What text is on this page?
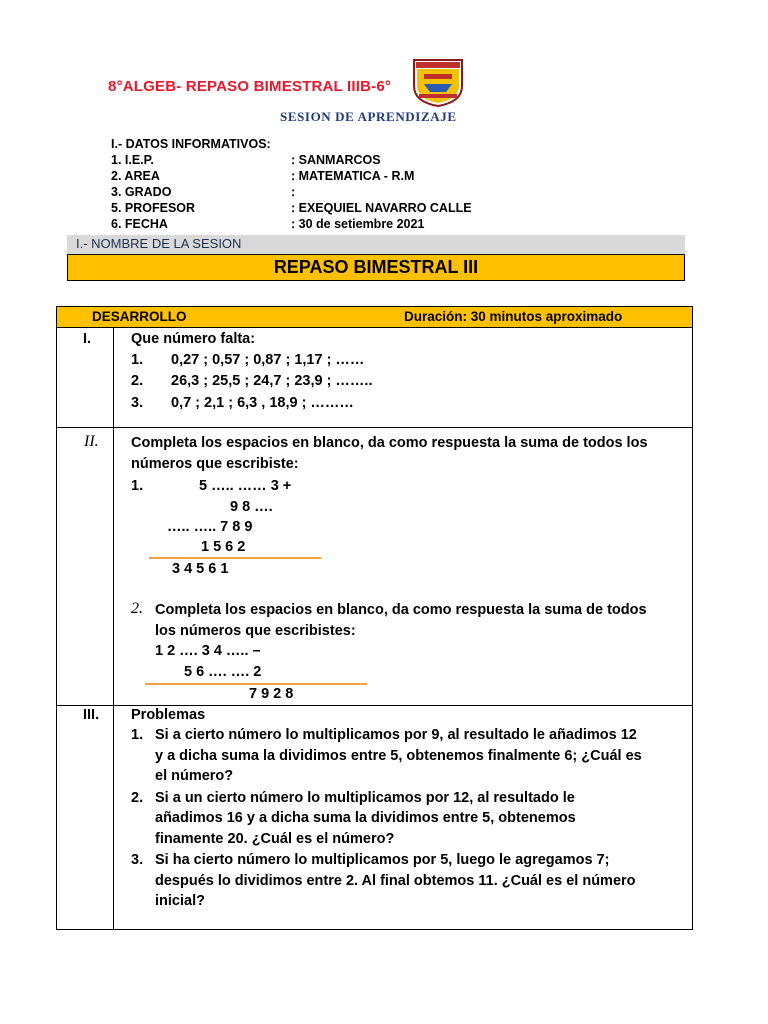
8°ALGEB- REPASO BIMESTRAL IIIB-6°
SESION DE APRENDIZAJE
I.- DATOS INFORMATIVOS:
1. I.E.P.	: SANMARCOS
2. AREA	: MATEMATICA - R.M
3. GRADO	:
5. PROFESOR	: EXEQUIEL NAVARRO CALLE
6. FECHA	: 30 de setiembre 2021
I.- NOMBRE DE LA SESION
REPASO BIMESTRAL III
DESARROLLO	Duración: 30 minutos aproximado
I.	Que número falta:
1. 0,27 ; 0,57 ; 0,87 ; 1,17 ; ……
2. 26,3 ; 25,5 ; 24,7 ; 23,9 ; ……..
3. 0,7 ; 2,1 ; 6,3 , 18,9 ; ………
II. Completa los espacios en blanco, da como respuesta la suma de todos los
números que escribiste:
1.	5 ….. …… 3 +
9 8 ….
….. ….. 7 8 9
1 5 6 2
3 4 5 6 1
2. Completa los espacios en blanco, da como respuesta la suma de todos
los números que escribistes:
1 2 …. 3 4 ….. –
5 6 …. …. 2
7 9 2 8
III. Problemas
1. Si a cierto número lo multiplicamos por 9, al resultado le añadimos 12
y a dicha suma la dividimos entre 5, obtenemos finalmente 6; ¿Cuál es
el número?
2. Si a un cierto número lo multiplicamos por 12, al resultado le
añadimos 16 y a dicha suma la dividimos entre 5, obtenemos
finamente 20. ¿Cuál es el número?
3. Si ha cierto número lo multiplicamos por 5, luego le agregamos 7;
después lo dividimos entre 2. Al final obtemos 11. ¿Cuál es el número
inicial?
